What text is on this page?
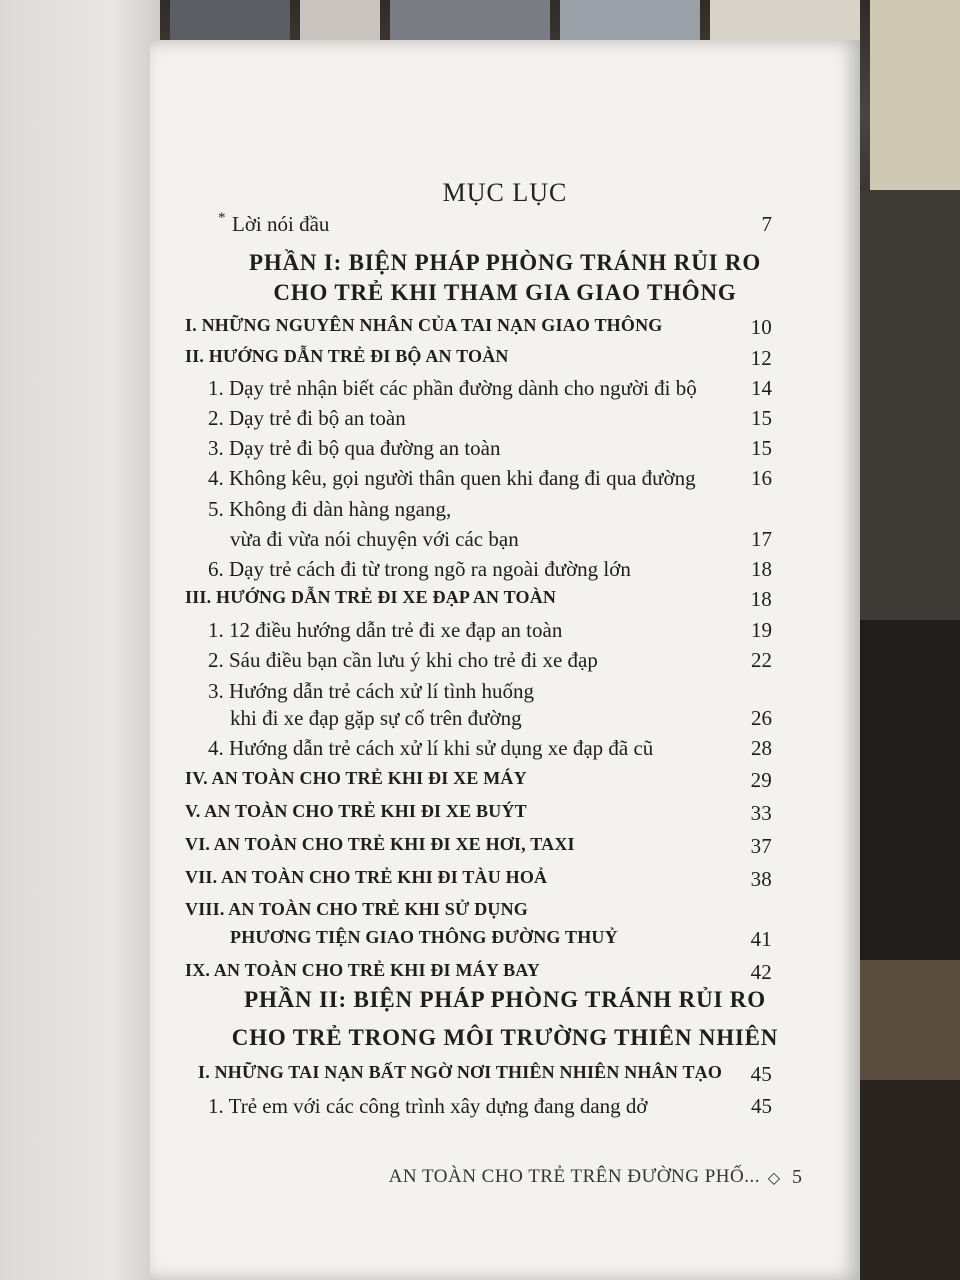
MỤC LỤC
* Lời nói đầu	7
PHẦN I: BIỆN PHÁP PHÒNG TRÁNH RỦI RO
CHO TRẺ KHI THAM GIA GIAO THÔNG
I. NHỮNG NGUYÊN NHÂN CỦA TAI NẠN GIAO THÔNG	10
II. HƯỚNG DẪN TRẺ ĐI BỘ AN TOÀN	12
1. Dạy trẻ nhận biết các phần đường dành cho người đi bộ	14
2. Dạy trẻ đi bộ an toàn	15
3. Dạy trẻ đi bộ qua đường an toàn	15
4. Không kêu, gọi người thân quen khi đang đi qua đường	16
5. Không đi dàn hàng ngang,
vừa đi vừa nói chuyện với các bạn	17
6. Dạy trẻ cách đi từ trong ngõ ra ngoài đường lớn	18
III. HƯỚNG DẪN TRẺ ĐI XE ĐẠP AN TOÀN	18
1. 12 điều hướng dẫn trẻ đi xe đạp an toàn	19
2. Sáu điều bạn cần lưu ý khi cho trẻ đi xe đạp	22
3. Hướng dẫn trẻ cách xử lí tình huống
khi đi xe đạp gặp sự cố trên đường	26
4. Hướng dẫn trẻ cách xử lí khi sử dụng xe đạp đã cũ	28
IV. AN TOÀN CHO TRẺ KHI ĐI XE MÁY	29
V. AN TOÀN CHO TRẺ KHI ĐI XE BUÝT	33
VI. AN TOÀN CHO TRẺ KHI ĐI XE HƠI, TAXI	37
VII. AN TOÀN CHO TRẺ KHI ĐI TÀU HOẢ	38
VIII. AN TOÀN CHO TRẺ KHI SỬ DỤNG
PHƯƠNG TIỆN GIAO THÔNG ĐƯỜNG THUỶ	41
IX. AN TOÀN CHO TRẺ KHI ĐI MÁY BAY	42
PHẦN II: BIỆN PHÁP PHÒNG TRÁNH RỦI RO
CHO TRẺ TRONG MÔI TRƯỜNG THIÊN NHIÊN
I. NHỮNG TAI NẠN BẤT NGỜ NƠI THIÊN NHIÊN NHÂN TẠO 45
1. Trẻ em với các công trình xây dựng đang dang dở	45
AN TOÀN CHO TRẺ TRÊN ĐƯỜNG PHỐ... ◇ 5
